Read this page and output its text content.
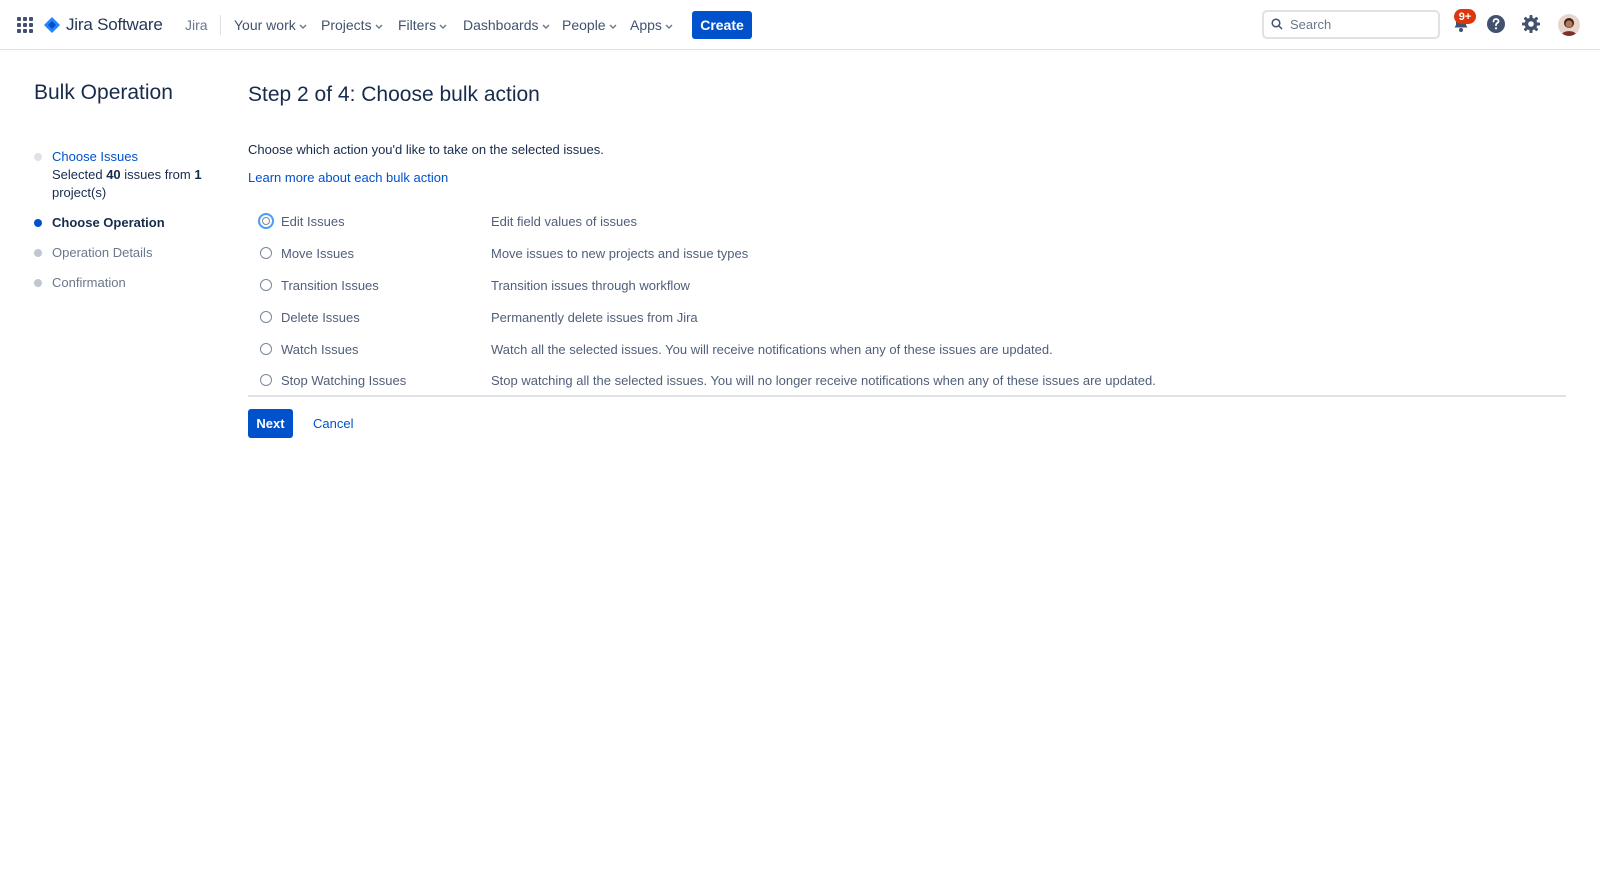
Jira Software Jira Your work Projects Filters Dashboards People Apps	Create
Search
9+
Bulk Operation
Choose Issues
Selected 40 issues from 1 project(s)
Choose Operation
Operation Details
Confirmation
Step 2 of 4: Choose bulk action

Choose which action you'd like to take on the selected issues.

Learn more about each bulk action
Edit Issues	Edit field values of issues
Move Issues	Move issues to new projects and issue types
Transition Issues	Transition issues through workflow
Delete Issues	Permanently delete issues from Jira
Watch Issues	Watch all the selected issues. You will receive notifications when any of these issues are updated.
Stop Watching Issues	Stop watching all the selected issues. You will no longer receive notifications when any of these issues are updated.
Next	Cancel
